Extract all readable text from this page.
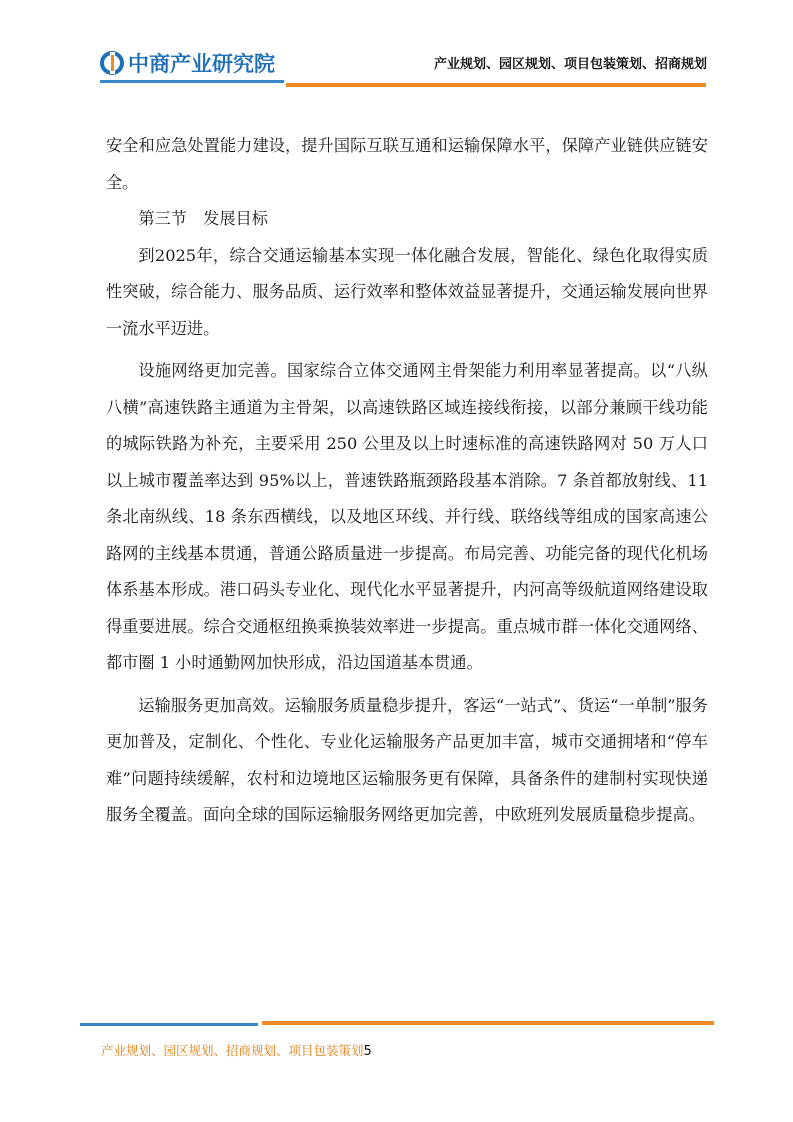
中商产业研究院	产业规划、园区规划、项目包装策划、招商规划

安全和应急处置能力建设，提升国际互联互通和运输保障水平，保障产业链供应链安全。

第三节　发展目标

到2025年，综合交通运输基本实现一体化融合发展，智能化、绿色化取得实质性突破，综合能力、服务品质、运行效率和整体效益显著提升，交通运输发展向世界一流水平迈进。

设施网络更加完善。国家综合立体交通网主骨架能力利用率显著提高。以“八纵八横”高速铁路主通道为主骨架，以高速铁路区域连接线衔接，以部分兼顾干线功能的城际铁路为补充，主要采用 250 公里及以上时速标准的高速铁路网对 50 万人口以上城市覆盖率达到 95%以上，普速铁路瓶颈路段基本消除。7 条首都放射线、11 条北南纵线、18 条东西横线，以及地区环线、并行线、联络线等组成的国家高速公路网的主线基本贯通，普通公路质量进一步提高。布局完善、功能完备的现代化机场体系基本形成。港口码头专业化、现代化水平显著提升，内河高等级航道网络建设取得重要进展。综合交通枢纽换乘换装效率进一步提高。重点城市群一体化交通网络、都市圈 1 小时通勤网加快形成，沿边国道基本贯通。

运输服务更加高效。运输服务质量稳步提升，客运“一站式”、货运“一单制”服务更加普及，定制化、个性化、专业化运输服务产品更加丰富，城市交通拥堵和“停车难”问题持续缓解，农村和边境地区运输服务更有保障，具备条件的建制村实现快递服务全覆盖。面向全球的国际运输服务网络更加完善，中欧班列发展质量稳步提高。

产业规划、园区规划、招商规划、项目包装策划5
